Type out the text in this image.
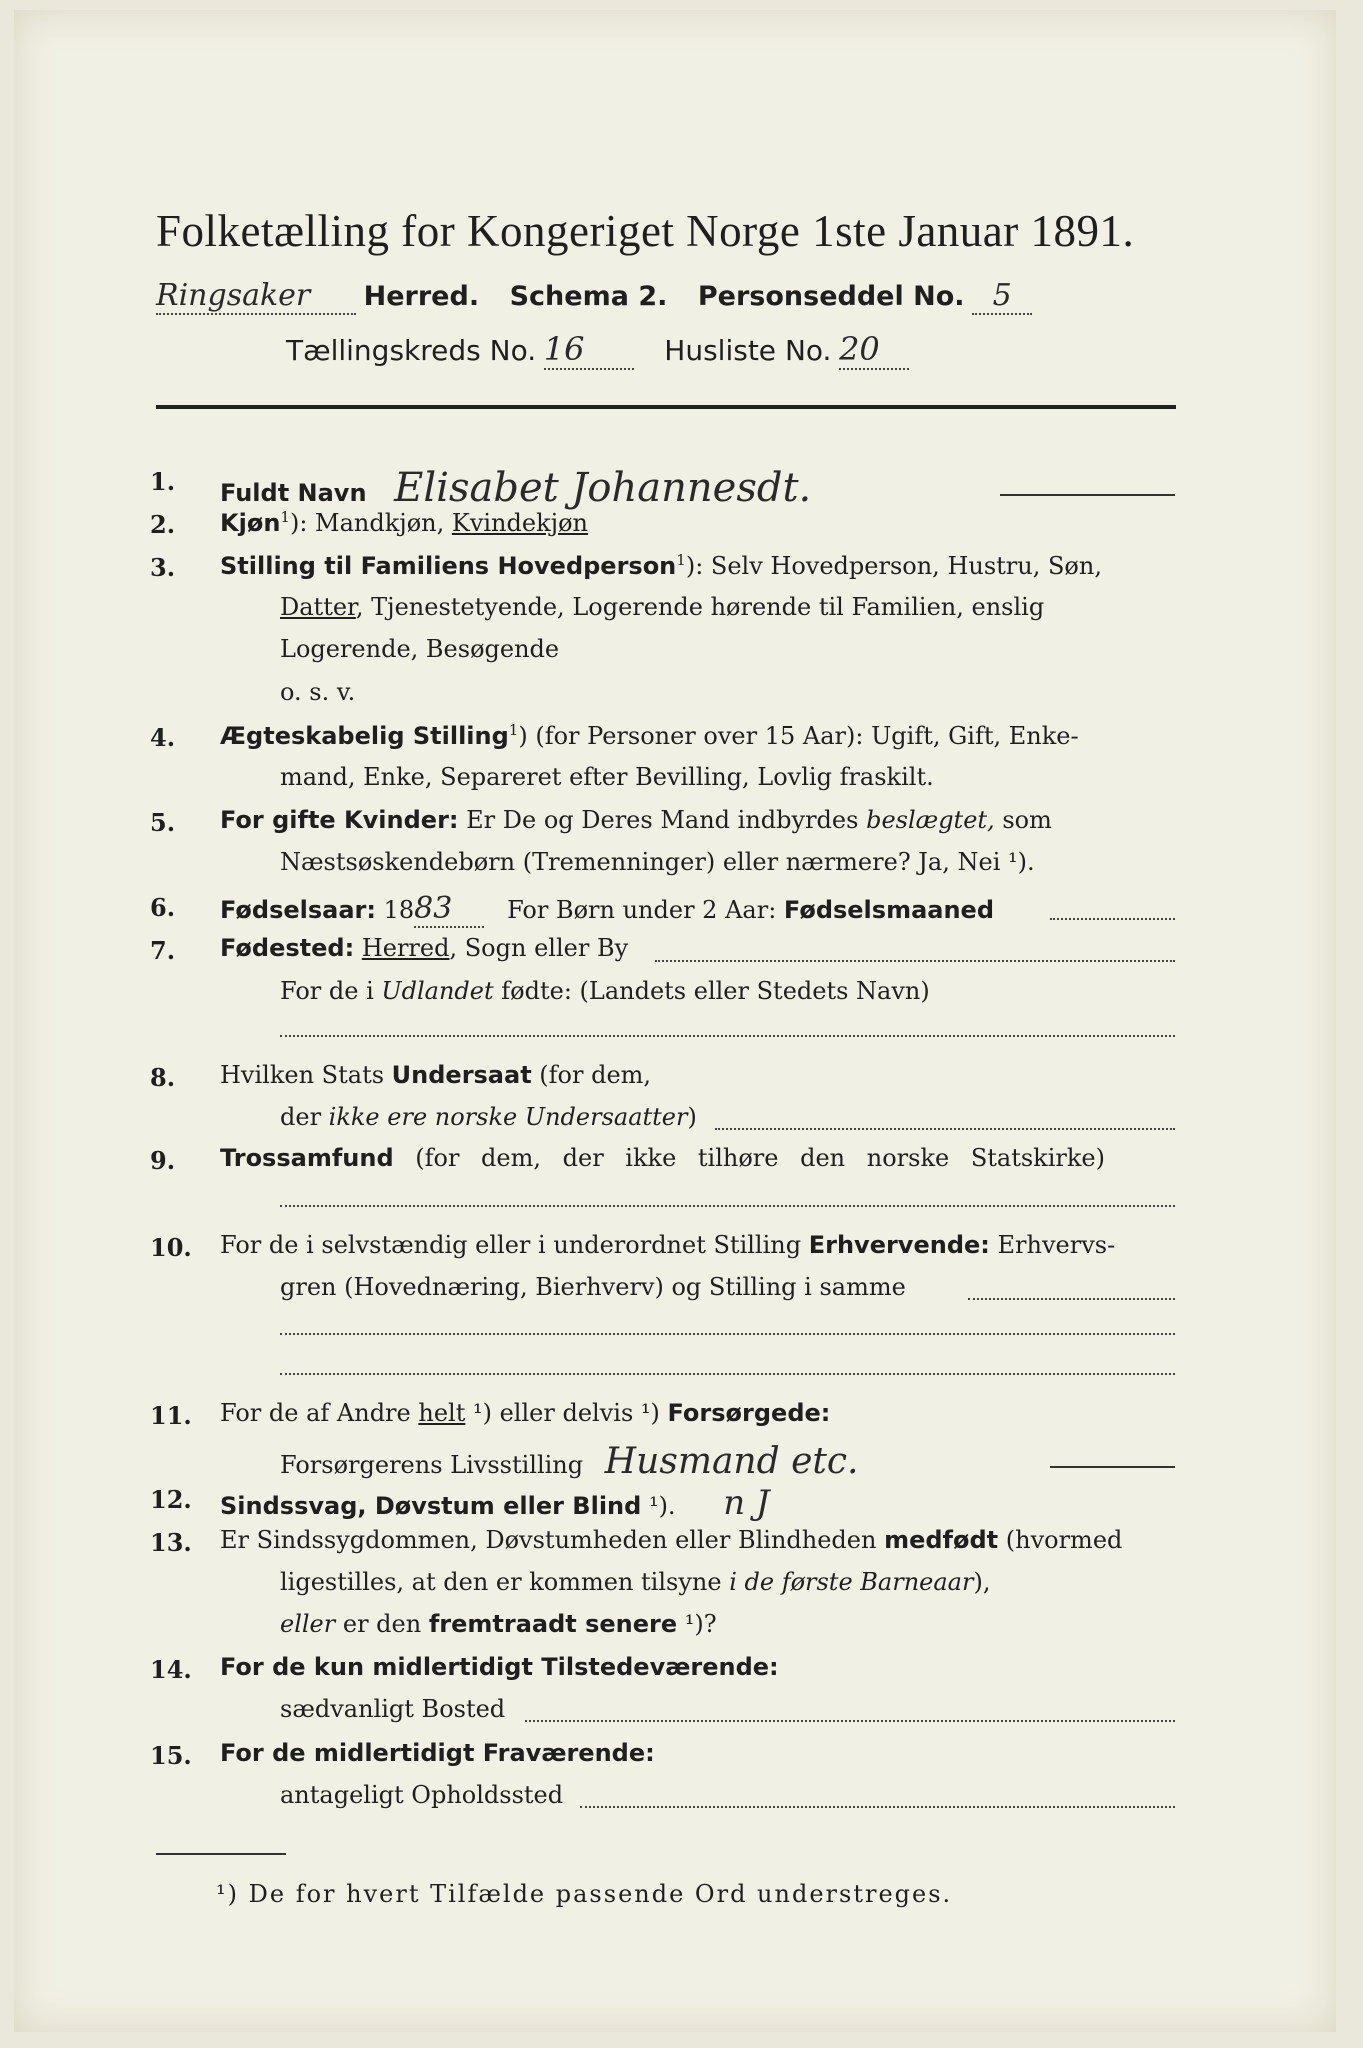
Folketælling for Kongeriget Norge 1ste Januar 1891.
Ringsaker Herred. Schema 2. Personseddel No. 5
Tællingskreds No. 16	Husliste No. 20
1. Fuldt Navn Elisabet Johannesdt.
2. Kjøn$^1$): Mandkjøn, Kvindekjøn
3. Stilling til Familiens Hovedperson$^1$): Selv Hovedperson, Hustru, Søn,
Datter, Tjenestetyende, Logerende hørende til Familien, enslig
Logerende, Besøgende
o. s. v.
4. Ægteskabelig Stilling$^1$) (for Personer over 15 Aar): Ugift, Gift, Enke-
mand, Enke, Separeret efter Bevilling, Lovlig fraskilt.
5. For gifte Kvinder: Er De og Deres Mand indbyrdes beslægtet, som
Næstsøskendebørn (Tremenninger) eller nærmere? Ja, Nei ¹).
6. Fødselsaar: 1883 For Børn under 2 Aar: Fødselsmaaned
7. Fødested: Herred, Sogn eller By
For de i Udlandet fødte: (Landets eller Stedets Navn)
8. Hvilken Stats Undersaat (for dem,
der ikke ere norske Undersaatter)
9. Trossamfund (for dem, der ikke tilhøre den norske Statskirke)
10. For de i selvstændig eller i underordnet Stilling Erhvervende: Erhvervs-
gren (Hovednæring, Bierhverv) og Stilling i samme
11. For de af Andre helt ¹) eller delvis ¹) Forsørgede:
Forsørgerens Livsstilling Husmand etc.
12. Sindssvag, Døvstum eller Blind ¹). n J
13. Er Sindssygdommen, Døvstumheden eller Blindheden medfødt (hvormed
ligestilles, at den er kommen tilsyne i de første Barneaar),
eller er den fremtraadt senere ¹)?
14. For de kun midlertidigt Tilstedeværende:
sædvanligt Bosted
15. For de midlertidigt Fraværende:
antageligt Opholdssted
¹) De for hvert Tilfælde passende Ord understreges.
